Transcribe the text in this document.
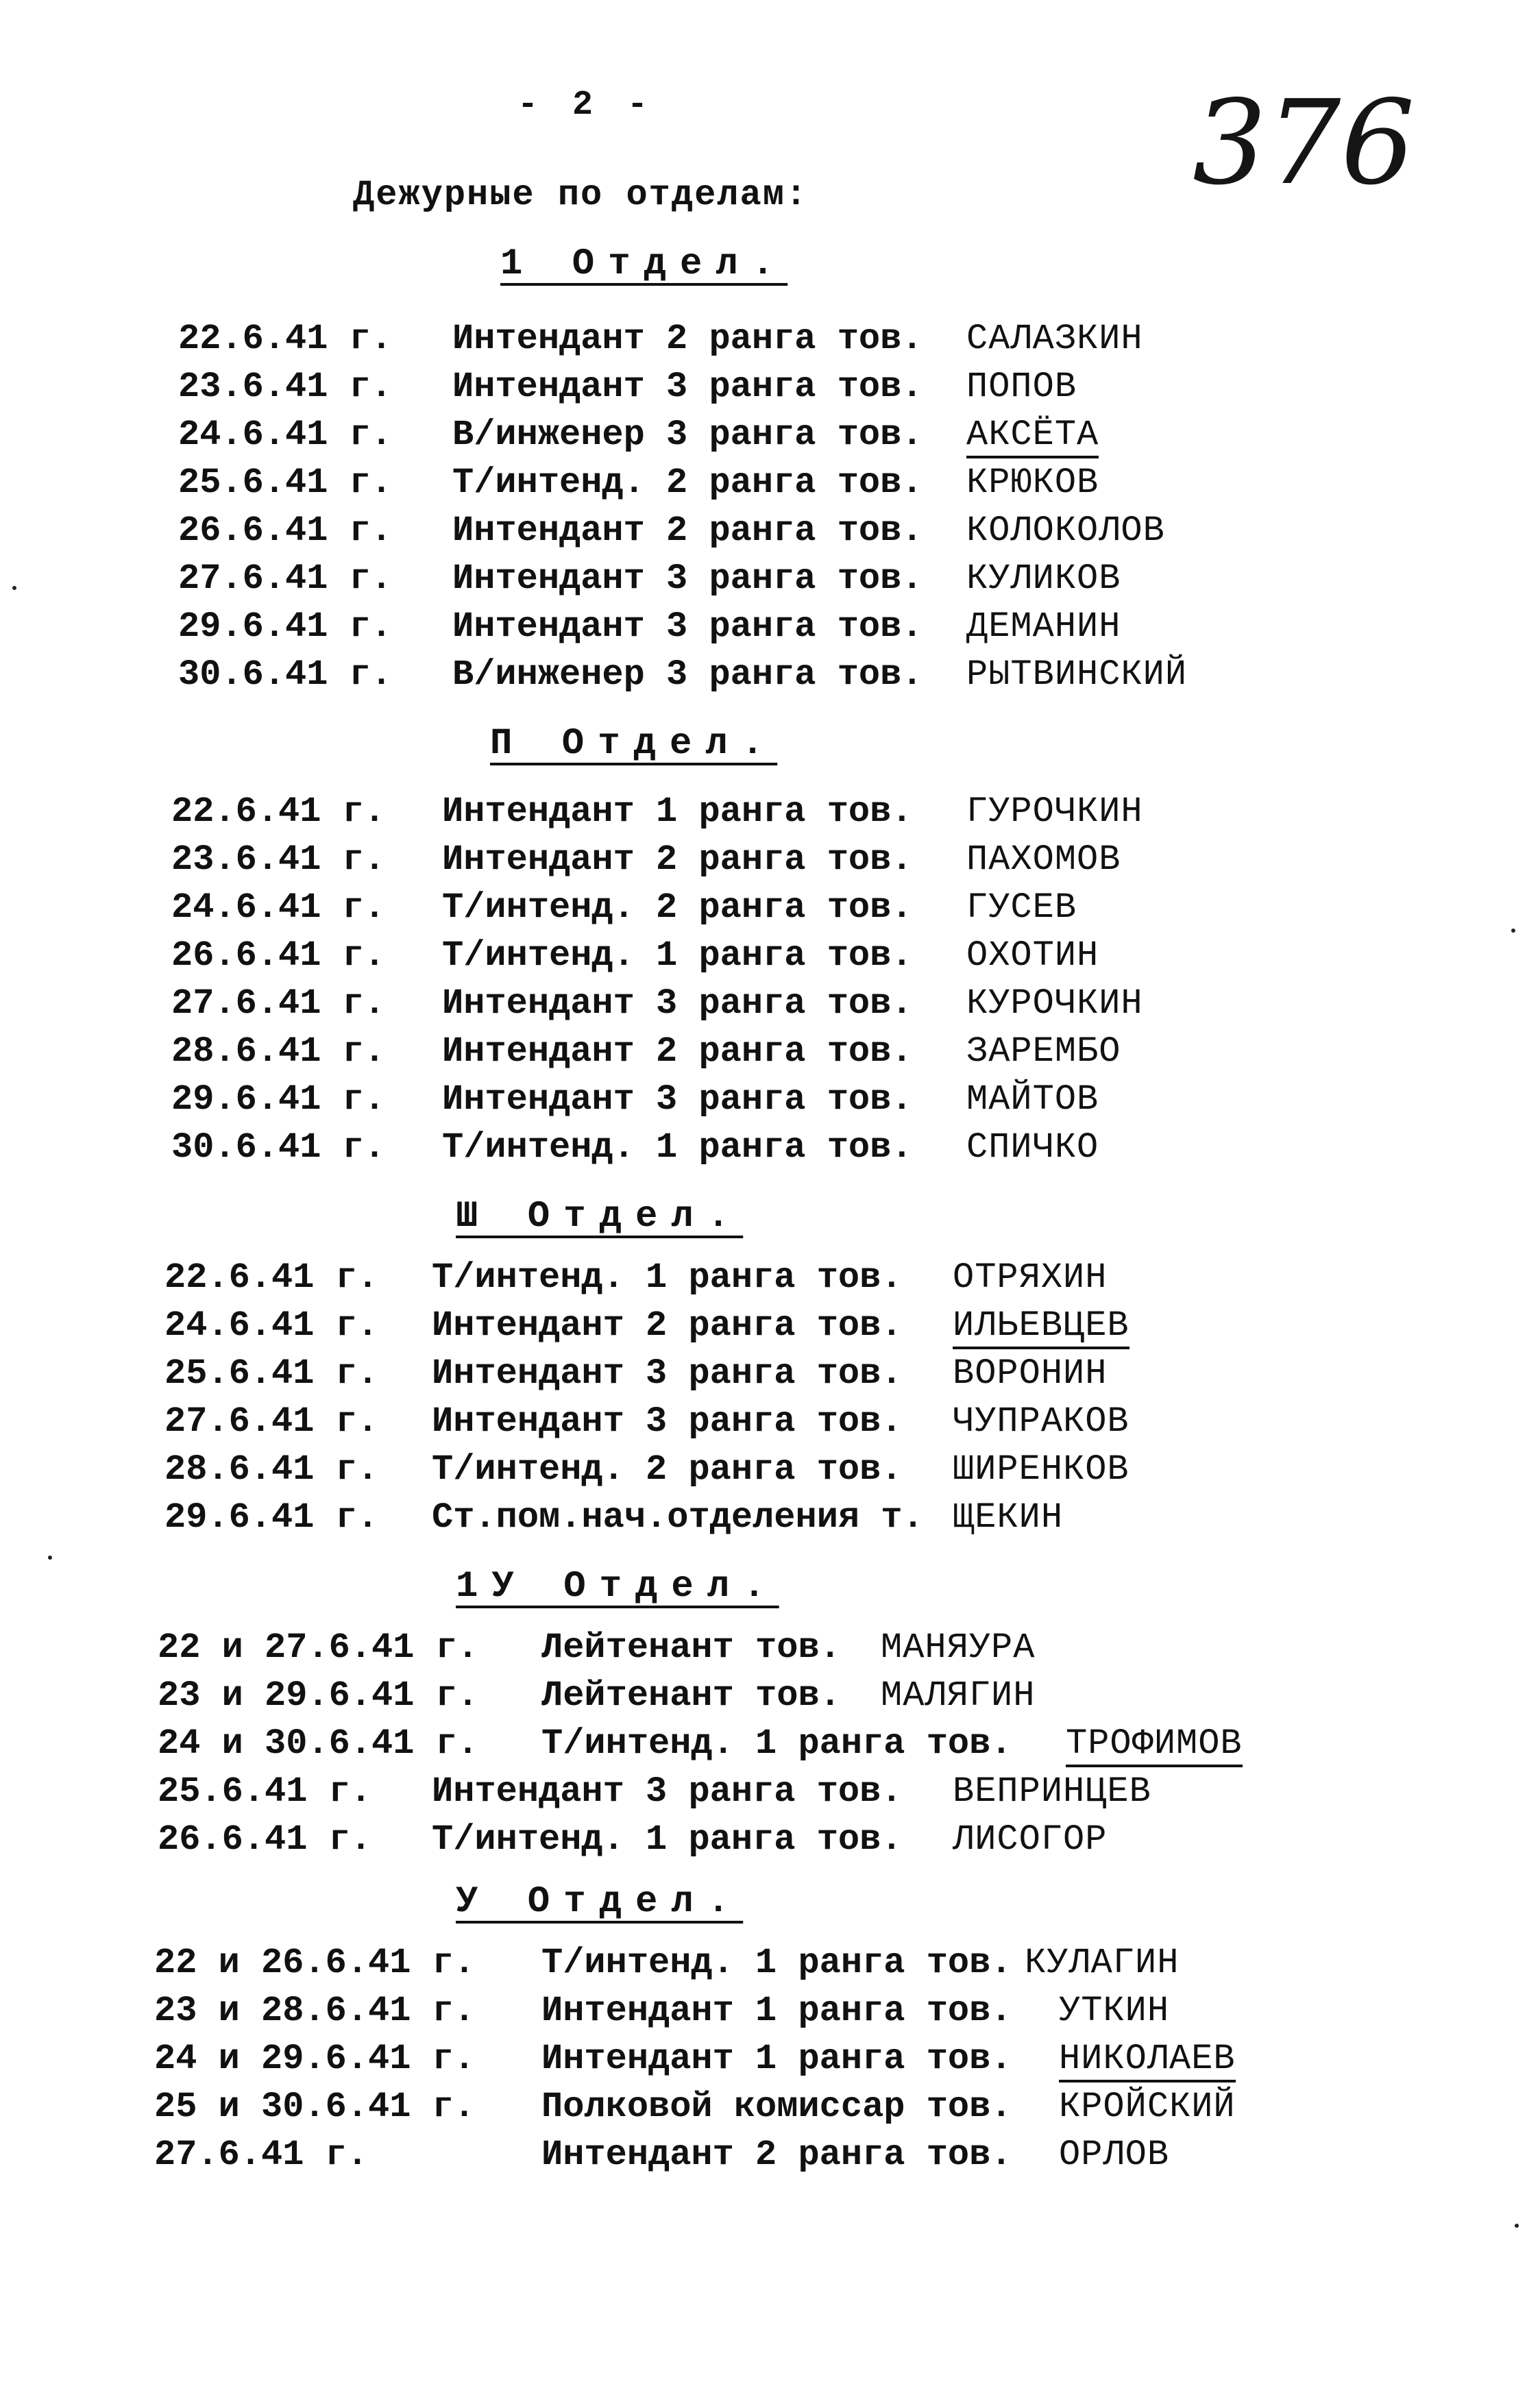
- 2 -	376
Дежурные по отделам:
1 Отдел.

22.6.41 г.

Интендант 2 ранга тов.

САЛАЗКИН

23.6.41 г.

Интендант 3 ранга тов.

ПОПОВ

24.6.41 г.

В/инженер 3 ранга тов.

АКСЁТА

25.6.41 г.

Т/интенд. 2 ранга тов.

КРЮКОВ

26.6.41 г.

Интендант 2 ранга тов.

КОЛОКОЛОВ

27.6.41 г.

Интендант 3 ранга тов.

КУЛИКОВ

29.6.41 г.

Интендант 3 ранга тов.

ДЕМАНИН

30.6.41 г.

В/инженер 3 ранга тов.

РЫТВИНСКИЙ

П Отдел.

22.6.41 г.

Интендант 1 ранга тов.

ГУРОЧКИН

23.6.41 г.

Интендант 2 ранга тов.

ПАХОМОВ

24.6.41 г.

Т/интенд. 2 ранга тов.

ГУСЕВ

26.6.41 г.

Т/интенд. 1 ранга тов.

ОХОТИН

27.6.41 г.

Интендант 3 ранга тов.

КУРОЧКИН

28.6.41 г.

Интендант 2 ранга тов.

ЗАРЕМБО

29.6.41 г.

Интендант 3 ранга тов.

МАЙТОВ

30.6.41 г.

Т/интенд. 1 ранга тов.

СПИЧКО

Ш Отдел.

22.6.41 г.

Т/интенд. 1 ранга тов.

ОТРЯХИН

24.6.41 г.

Интендант 2 ранга тов.

ИЛЬЕВЦЕВ

25.6.41 г.

Интендант 3 ранга тов.

ВОРОНИН

27.6.41 г.

Интендант 3 ранга тов.

ЧУПРАКОВ

28.6.41 г.

Т/интенд. 2 ранга тов.

ШИРЕНКОВ

29.6.41 г.

Ст.пом.нач.отделения т.

ЩЕКИН

1У Отдел.

22 и 27.6.41 г.

Лейтенант тов.

МАНЯУРА

23 и 29.6.41 г.

Лейтенант тов.

МАЛЯГИН

24 и 30.6.41 г.

Т/интенд. 1 ранга тов.

ТРОФИМОВ

25.6.41 г.

Интендант 3 ранга тов.

ВЕПРИНЦЕВ

26.6.41 г.

Т/интенд. 1 ранга тов.

ЛИСОГОР

У Отдел.

22 и 26.6.41 г.

Т/интенд. 1 ранга тов.

КУЛАГИН

23 и 28.6.41 г.

Интендант 1 ранга тов.

УТКИН

24 и 29.6.41 г.

Интендант 1 ранга тов.

НИКОЛАЕВ

25 и 30.6.41 г.

Полковой комиссар тов.

КРОЙСКИЙ

27.6.41 г.

	Интендант 2 ранга тов.

ОРЛОВ
